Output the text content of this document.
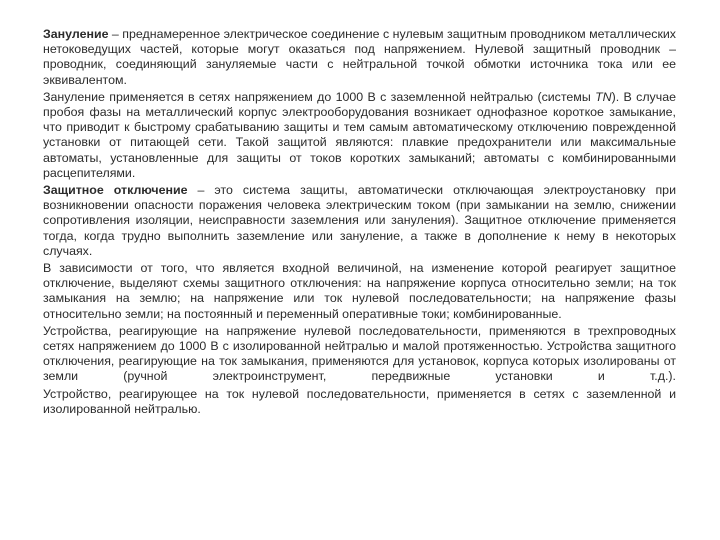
Зануление – преднамеренное электрическое соединение с нулевым защитным проводником металлических нетоковедущих частей, которые могут оказаться под напряжением. Нулевой защитный проводник – проводник, соединяющий зануляемые части с нейтральной точкой обмотки источника тока или ее эквивалентом.

Зануление применяется в сетях напряжением до 1000 В с заземленной нейтралью (системы TN). В случае пробоя фазы на металлический корпус электрооборудования возникает однофазное короткое замыкание, что приводит к быстрому срабатыванию защиты и тем самым автоматическому отключению поврежденной установки от питающей сети. Такой защитой являются: плавкие предохранители или максимальные автоматы, установленные для защиты от токов коротких замыканий; автоматы с комбинированными расцепителями.

Защитное отключение – это система защиты, автоматически отключающая электроустановку при возникновении опасности поражения человека электрическим током (при замыкании на землю, снижении сопротивления изоляции, неисправности заземления или зануления). Защитное отключение применяется тогда, когда трудно выполнить заземление или зануление, а также в дополнение к нему в некоторых случаях.

В зависимости от того, что является входной величиной, на изменение которой реагирует защитное отключение, выделяют схемы защитного отключения: на напряжение корпуса относительно земли; на ток замыкания на землю; на напряжение или ток нулевой последовательности; на напряжение фазы относительно земли; на постоянный и переменный оперативные токи; комбинированные.

Устройства, реагирующие на напряжение нулевой последовательности, применяются в трехпроводных сетях напряжением до 1000 В с изолированной нейтралью и малой протяженностью. Устройства защитного отключения, реагирующие на ток замыкания, применяются для установок, корпуса которых изолированы от земли (ручной электроинструмент, передвижные установки и т.д.).

Устройство, реагирующее на ток нулевой последовательности, применяется в сетях с заземленной и изолированной нейтралью.
